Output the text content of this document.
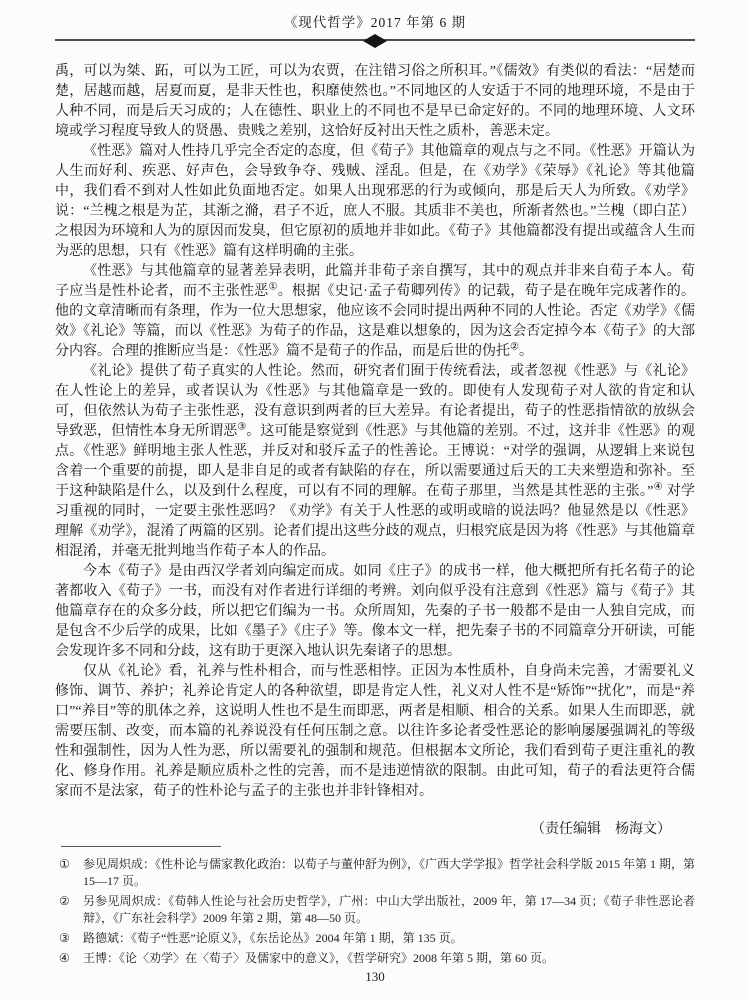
《现代哲学》2017 年第 6 期

禹，可以为桀、跖，可以为工匠，可以为农贾，在注错习俗之所积耳。”《儒效》有类似的看法：“居楚而楚，居越而越，居夏而夏，是非天性也，积靡使然也。”不同地区的人安适于不同的地理环境，不是由于人种不同，而是后天习成的；人在德性、职业上的不同也不是早已命定好的。不同的地理环境、人文环境或学习程度导致人的贤愚、贵贱之差别，这恰好反衬出天性之质朴，善恶未定。

《性恶》篇对人性持几乎完全否定的态度，但《荀子》其他篇章的观点与之不同。《性恶》开篇认为人生而好利、疾恶、好声色，会导致争夺、残贼、淫乱。但是，在《劝学》《荣辱》《礼论》等其他篇中，我们看不到对人性如此负面地否定。如果人出现邪恶的行为或倾向，那是后天人为所致。《劝学》说：“兰槐之根是为芷，其渐之滫，君子不近，庶人不服。其质非不美也，所渐者然也。”兰槐（即白芷）之根因为环境和人为的原因而发臭，但它原初的质地并非如此。《荀子》其他篇都没有提出或蕴含人生而为恶的思想，只有《性恶》篇有这样明确的主张。

《性恶》与其他篇章的显著差异表明，此篇并非荀子亲自撰写，其中的观点并非来自荀子本人。荀子应当是性朴论者，而不主张性恶①。根据《史记·孟子荀卿列传》的记载，荀子是在晚年完成著作的。他的文章清晰而有条理，作为一位大思想家，他应该不会同时提出两种不同的人性论。否定《劝学》《儒效》《礼论》等篇，而以《性恶》为荀子的作品，这是难以想象的，因为这会否定掉今本《荀子》的大部分内容。合理的推断应当是：《性恶》篇不是荀子的作品，而是后世的伪托②。

《礼论》提供了荀子真实的人性论。然而，研究者们囿于传统看法，或者忽视《性恶》与《礼论》在人性论上的差异，或者误认为《性恶》与其他篇章是一致的。即使有人发现荀子对人欲的肯定和认可，但依然认为荀子主张性恶，没有意识到两者的巨大差异。有论者提出，荀子的性恶指情欲的放纵会导致恶，但情性本身无所谓恶③。这可能是察觉到《性恶》与其他篇的差别。不过，这并非《性恶》的观点。《性恶》鲜明地主张人性恶，并反对和驳斥孟子的性善论。王博说：“对学的强调，从逻辑上来说包含着一个重要的前提，即人是非自足的或者有缺陷的存在，所以需要通过后天的工夫来塑造和弥补。至于这种缺陷是什么，以及到什么程度，可以有不同的理解。在荀子那里，当然是其性恶的主张。”④ 对学习重视的同时，一定要主张性恶吗？《劝学》有关于人性恶的或明或暗的说法吗？他显然是以《性恶》理解《劝学》，混淆了两篇的区别。论者们提出这些分歧的观点，归根究底是因为将《性恶》与其他篇章相混淆，并毫无批判地当作荀子本人的作品。

今本《荀子》是由西汉学者刘向编定而成。如同《庄子》的成书一样，他大概把所有托名荀子的论著都收入《荀子》一书，而没有对作者进行详细的考辨。刘向似乎没有注意到《性恶》篇与《荀子》其他篇章存在的众多分歧，所以把它们编为一书。众所周知，先秦的子书一般都不是由一人独自完成，而是包含不少后学的成果，比如《墨子》《庄子》等。像本文一样，把先秦子书的不同篇章分开研读，可能会发现许多不同和分歧，这有助于更深入地认识先秦诸子的思想。

仅从《礼论》看，礼养与性朴相合，而与性恶相悖。正因为本性质朴，自身尚未完善，才需要礼义修饰、调节、养护；礼养论肯定人的各种欲望，即是肯定人性，礼义对人性不是“矫饰”“扰化”，而是“养口”“养目”等的肌体之养，这说明人性也不是生而即恶，两者是相顺、相合的关系。如果人生而即恶，就需要压制、改变，而本篇的礼养说没有任何压制之意。以往许多论者受性恶论的影响屡屡强调礼的等级性和强制性，因为人性为恶，所以需要礼的强制和规范。但根据本文所论，我们看到荀子更注重礼的教化、修身作用。礼养是顺应质朴之性的完善，而不是违逆情欲的限制。由此可知，荀子的看法更符合儒家而不是法家，荀子的性朴论与孟子的主张也并非针锋相对。

（责任编辑　杨海文）

①	参见周炽成：《性朴论与儒家教化政治：以荀子与董仲舒为例》，《广西大学学报》哲学社会科学版 2015 年第 1 期，第 15—17 页。
②	另参见周炽成：《荀韩人性论与社会历史哲学》，广州：中山大学出版社，2009 年，第 17—34 页；《荀子非性恶论者辩》，《广东社会科学》2009 年第 2 期，第 48—50 页。
③	路德斌：《荀子“性恶”论原义》，《东岳论丛》2004 年第 1 期，第 135 页。
④	王博：《论〈劝学〉在〈荀子〉及儒家中的意义》，《哲学研究》2008 年第 5 期，第 60 页。
130
